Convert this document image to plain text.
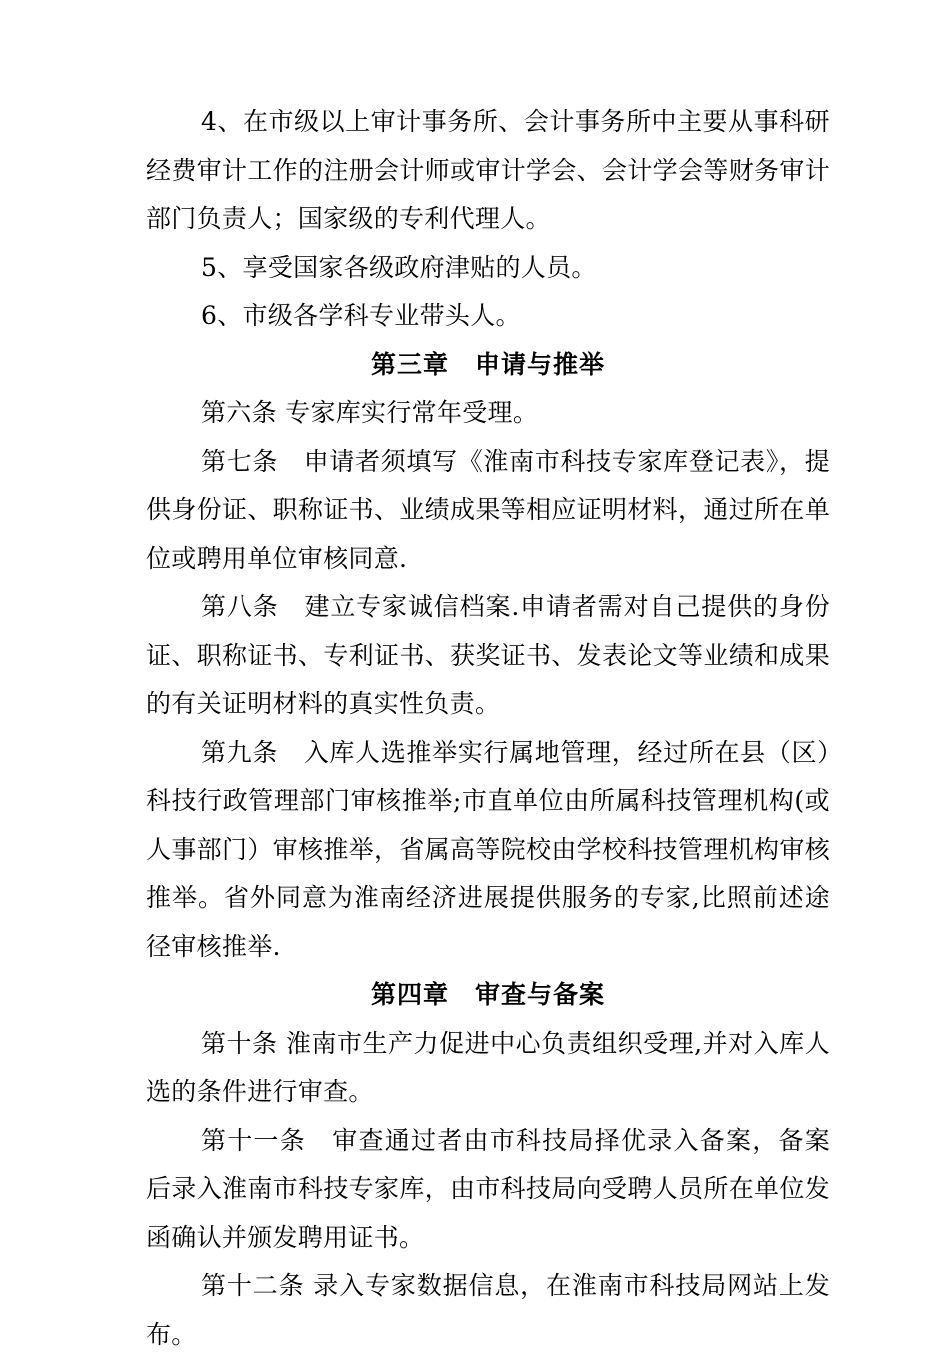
4、在市级以上审计事务所、会计事务所中主要从事科研经费审计工作的注册会计师或审计学会、会计学会等财务审计部门负责人；国家级的专利代理人。

5、享受国家各级政府津贴的人员。

6、市级各学科专业带头人。

第三章　申请与推举

第六条 专家库实行常年受理。

第七条　申请者须填写《淮南市科技专家库登记表》，提供身份证、职称证书、业绩成果等相应证明材料，通过所在单位或聘用单位审核同意.

第八条　建立专家诚信档案.申请者需对自己提供的身份证、职称证书、专利证书、获奖证书、发表论文等业绩和成果的有关证明材料的真实性负责。

第九条　入库人选推举实行属地管理，经过所在县（区）科技行政管理部门审核推举;市直单位由所属科技管理机构(或人事部门）审核推举，省属高等院校由学校科技管理机构审核推举。省外同意为淮南经济进展提供服务的专家,比照前述途径审核推举.

第四章　审查与备案

第十条 淮南市生产力促进中心负责组织受理,并对入库人选的条件进行审查。

第十一条　审查通过者由市科技局择优录入备案，备案后录入淮南市科技专家库，由市科技局向受聘人员所在单位发函确认并颁发聘用证书。

第十二条 录入专家数据信息，在淮南市科技局网站上发布。
